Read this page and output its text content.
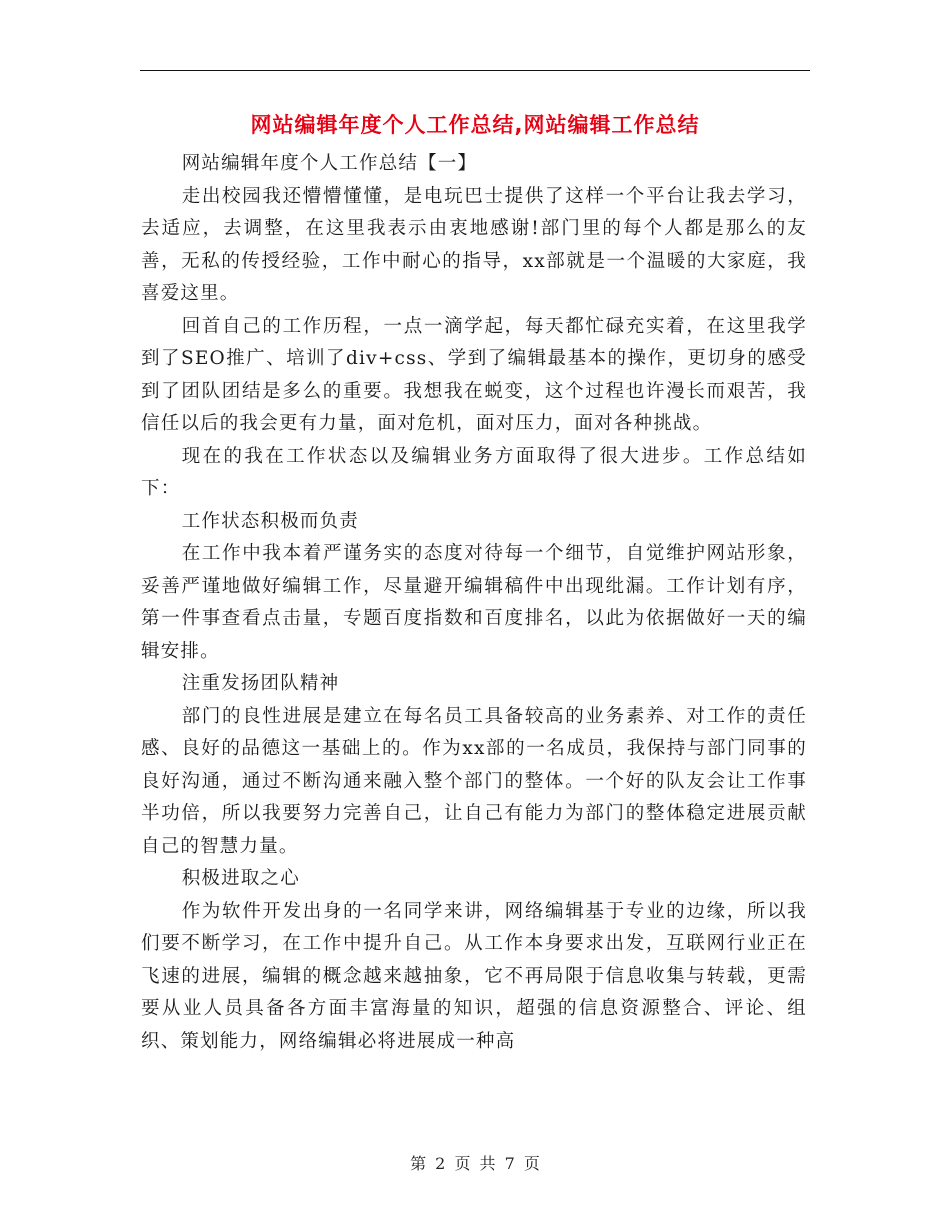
网站编辑年度个人工作总结,网站编辑工作总结

网站编辑年度个人工作总结【一】

走出校园我还懵懵懂懂，是电玩巴士提供了这样一个平台让我去学习，去适应，去调整，在这里我表示由衷地感谢!部门里的每个人都是那么的友善，无私的传授经验，工作中耐心的指导，xx部就是一个温暖的大家庭，我喜爱这里。

回首自己的工作历程，一点一滴学起，每天都忙碌充实着，在这里我学到了SEO推广、培训了div+css、学到了编辑最基本的操作，更切身的感受到了团队团结是多么的重要。我想我在蜕变，这个过程也许漫长而艰苦，我信任以后的我会更有力量，面对危机，面对压力，面对各种挑战。

现在的我在工作状态以及编辑业务方面取得了很大进步。工作总结如下：

工作状态积极而负责

在工作中我本着严谨务实的态度对待每一个细节，自觉维护网站形象，妥善严谨地做好编辑工作，尽量避开编辑稿件中出现纰漏。工作计划有序，第一件事查看点击量，专题百度指数和百度排名，以此为依据做好一天的编辑安排。

注重发扬团队精神

部门的良性进展是建立在每名员工具备较高的业务素养、对工作的责任感、良好的品德这一基础上的。作为xx部的一名成员，我保持与部门同事的良好沟通，通过不断沟通来融入整个部门的整体。一个好的队友会让工作事半功倍，所以我要努力完善自己，让自己有能力为部门的整体稳定进展贡献自己的智慧力量。

积极进取之心

作为软件开发出身的一名同学来讲，网络编辑基于专业的边缘，所以我们要不断学习，在工作中提升自己。从工作本身要求出发，互联网行业正在飞速的进展，编辑的概念越来越抽象，它不再局限于信息收集与转载，更需要从业人员具备各方面丰富海量的知识，超强的信息资源整合、评论、组织、策划能力，网络编辑必将进展成一种高

第 2 页 共 7 页
